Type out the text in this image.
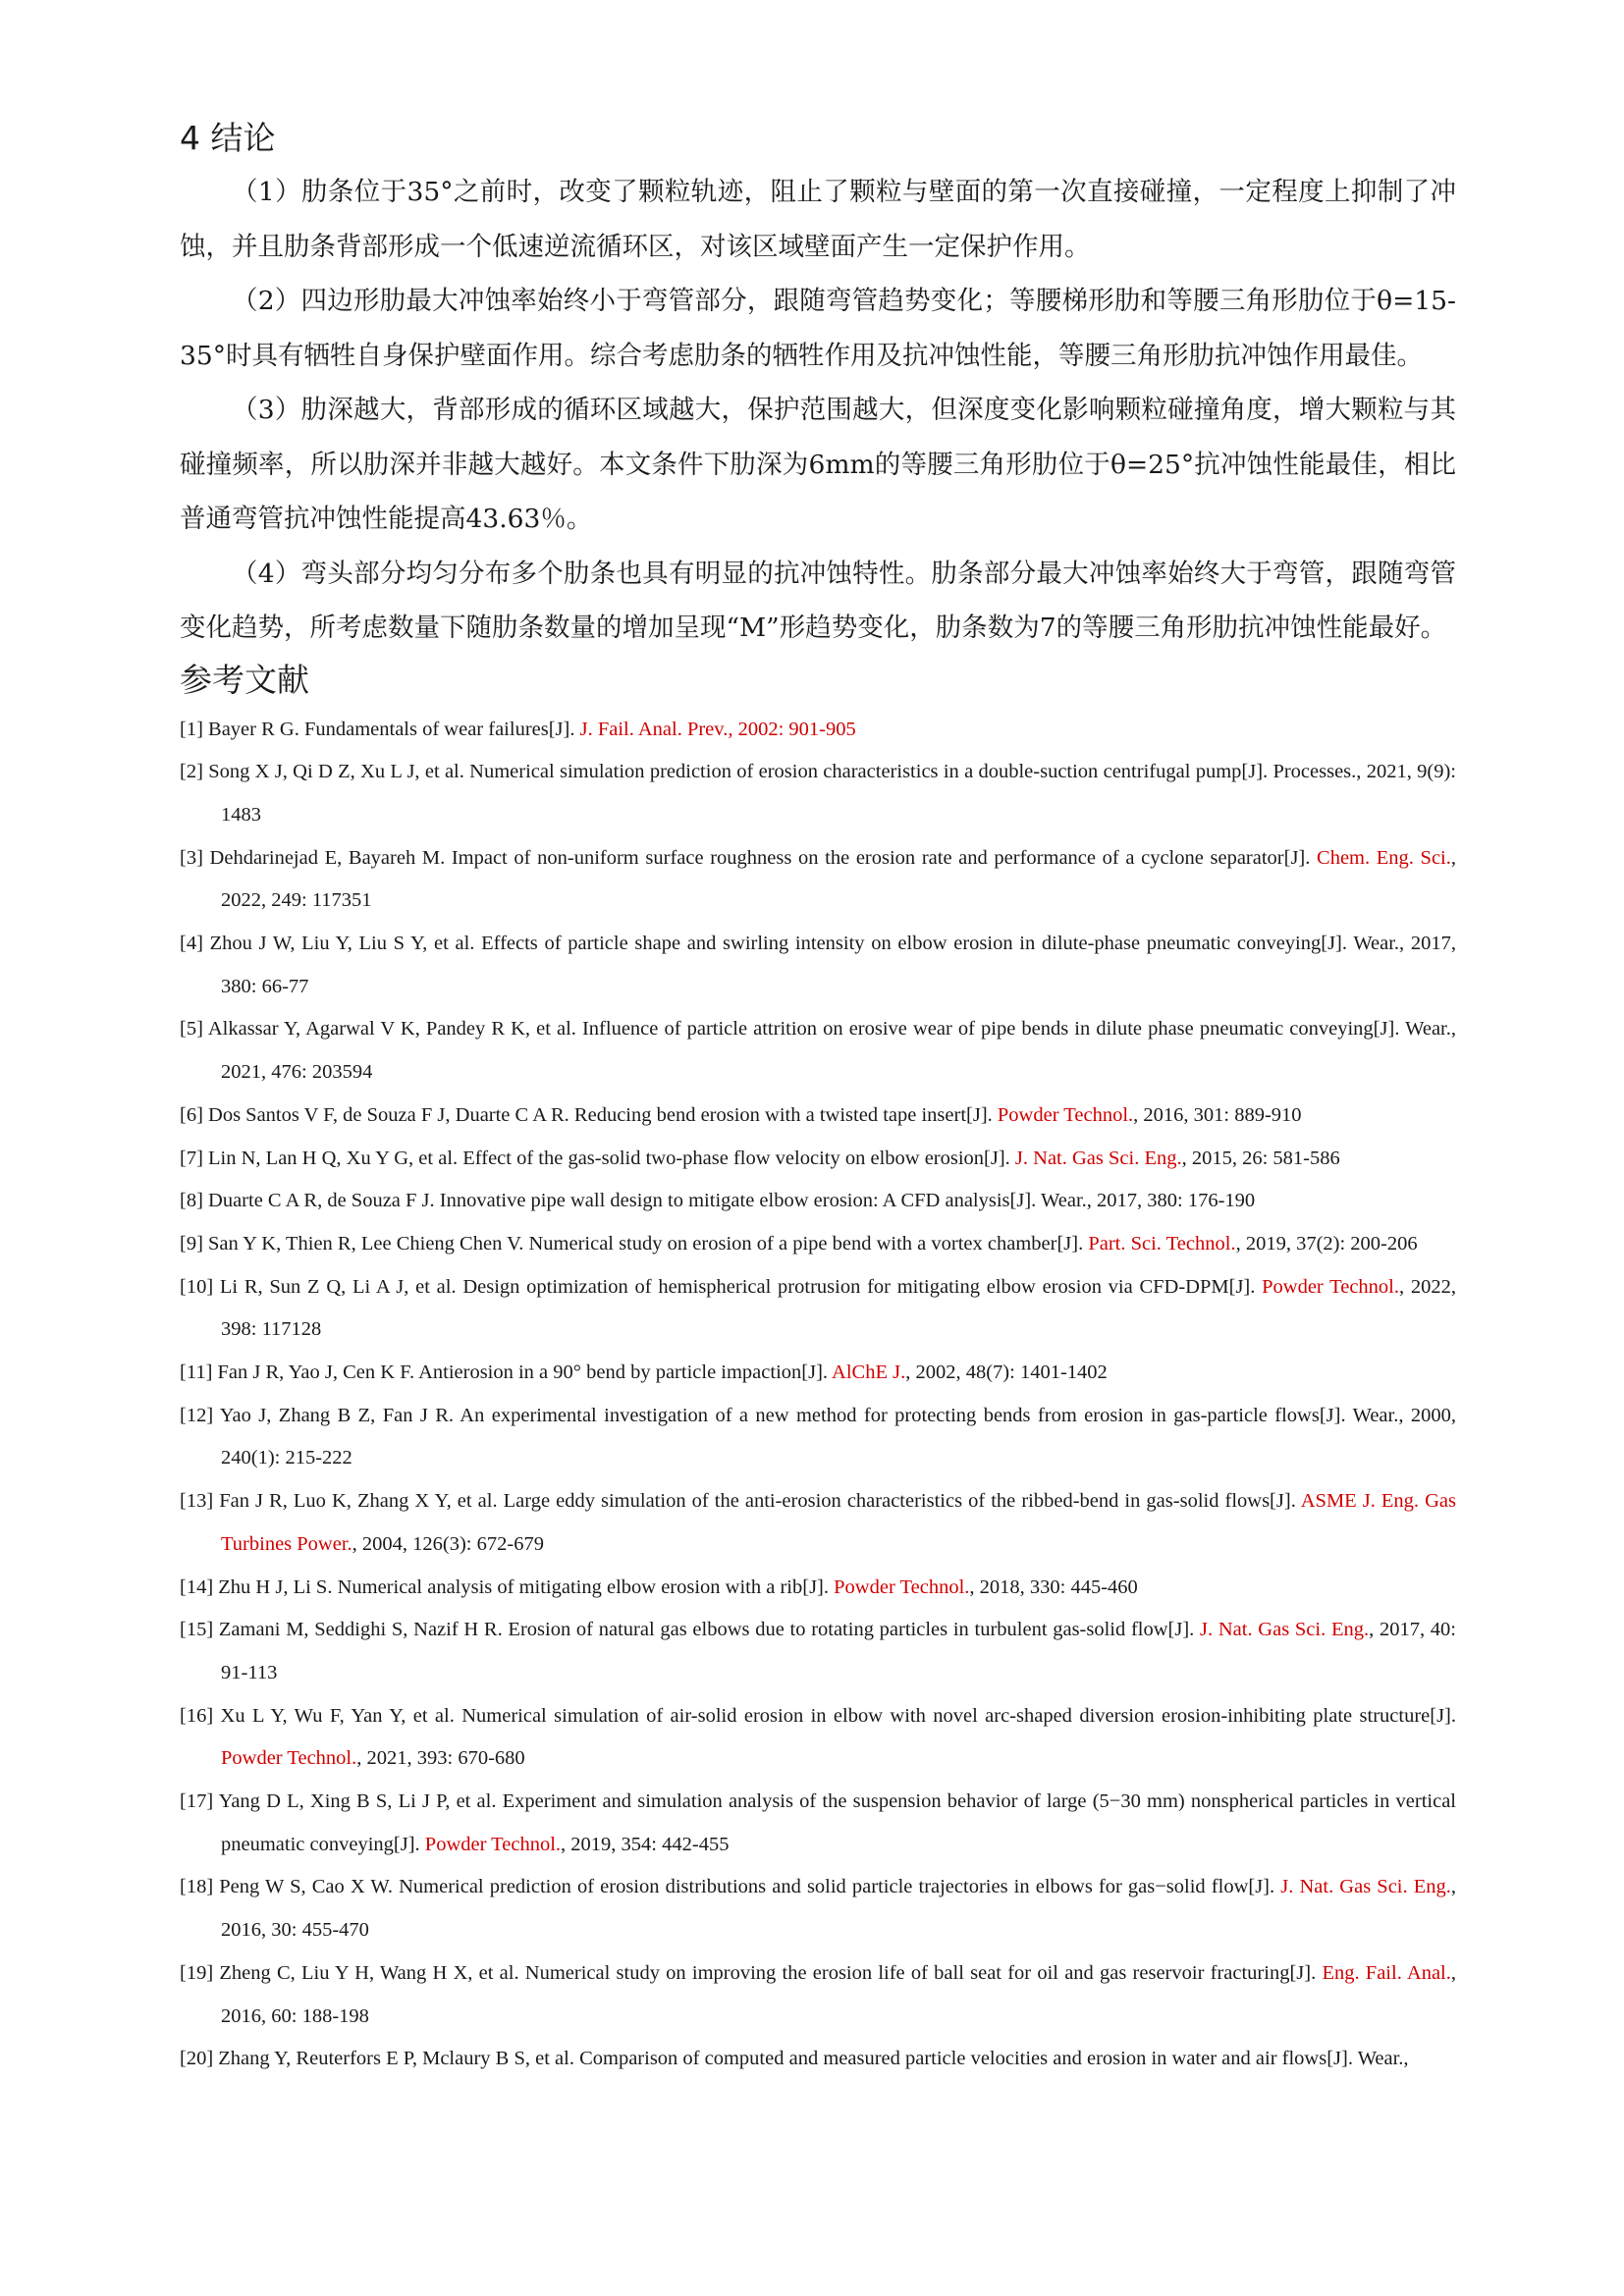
4 结论

（1）肋条位于35°之前时，改变了颗粒轨迹，阻止了颗粒与壁面的第一次直接碰撞，一定程度上抑制了冲蚀，并且肋条背部形成一个低速逆流循环区，对该区域壁面产生一定保护作用。

（2）四边形肋最大冲蚀率始终小于弯管部分，跟随弯管趋势变化；等腰梯形肋和等腰三角形肋位于θ=15-35°时具有牺牲自身保护壁面作用。综合考虑肋条的牺牲作用及抗冲蚀性能，等腰三角形肋抗冲蚀作用最佳。

（3）肋深越大，背部形成的循环区域越大，保护范围越大，但深度变化影响颗粒碰撞角度，增大颗粒与其碰撞频率，所以肋深并非越大越好。本文条件下肋深为6mm的等腰三角形肋位于θ=25°抗冲蚀性能最佳，相比普通弯管抗冲蚀性能提高43.63％。

（4）弯头部分均匀分布多个肋条也具有明显的抗冲蚀特性。肋条部分最大冲蚀率始终大于弯管，跟随弯管变化趋势，所考虑数量下随肋条数量的增加呈现“M”形趋势变化，肋条数为7的等腰三角形肋抗冲蚀性能最好。

参考文献
[1] Bayer R G. Fundamentals of wear failures[J]. J. Fail. Anal. Prev., 2002: 901-905
[2] Song X J, Qi D Z, Xu L J, et al. Numerical simulation prediction of erosion characteristics in a double-suction centrifugal pump[J]. Processes., 2021, 9(9): 1483
[3] Dehdarinejad E, Bayareh M. Impact of non-uniform surface roughness on the erosion rate and performance of a cyclone separator[J]. Chem. Eng. Sci., 2022, 249: 117351
[4] Zhou J W, Liu Y, Liu S Y, et al. Effects of particle shape and swirling intensity on elbow erosion in dilute-phase pneumatic conveying[J]. Wear., 2017, 380: 66-77
[5] Alkassar Y, Agarwal V K, Pandey R K, et al. Influence of particle attrition on erosive wear of pipe bends in dilute phase pneumatic conveying[J]. Wear., 2021, 476: 203594
[6] Dos Santos V F, de Souza F J, Duarte C A R. Reducing bend erosion with a twisted tape insert[J]. Powder Technol., 2016, 301: 889-910
[7] Lin N, Lan H Q, Xu Y G, et al. Effect of the gas-solid two-phase flow velocity on elbow erosion[J]. J. Nat. Gas Sci. Eng., 2015, 26: 581-586
[8] Duarte C A R, de Souza F J. Innovative pipe wall design to mitigate elbow erosion: A CFD analysis[J]. Wear., 2017, 380: 176-190
[9] San Y K, Thien R, Lee Chieng Chen V. Numerical study on erosion of a pipe bend with a vortex chamber[J]. Part. Sci. Technol., 2019, 37(2): 200-206
[10] Li R, Sun Z Q, Li A J, et al. Design optimization of hemispherical protrusion for mitigating elbow erosion via CFD-DPM[J]. Powder Technol., 2022, 398: 117128
[11] Fan J R, Yao J, Cen K F. Antierosion in a 90° bend by particle impaction[J]. AlChE J., 2002, 48(7): 1401-1402
[12] Yao J, Zhang B Z, Fan J R. An experimental investigation of a new method for protecting bends from erosion in gas-particle flows[J]. Wear., 2000, 240(1): 215-222
[13] Fan J R, Luo K, Zhang X Y, et al. Large eddy simulation of the anti-erosion characteristics of the ribbed-bend in gas-solid flows[J]. ASME J. Eng. Gas Turbines Power., 2004, 126(3): 672-679
[14] Zhu H J, Li S. Numerical analysis of mitigating elbow erosion with a rib[J]. Powder Technol., 2018, 330: 445-460
[15] Zamani M, Seddighi S, Nazif H R. Erosion of natural gas elbows due to rotating particles in turbulent gas-solid flow[J]. J. Nat. Gas Sci. Eng., 2017, 40: 91-113
[16] Xu L Y, Wu F, Yan Y, et al. Numerical simulation of air-solid erosion in elbow with novel arc-shaped diversion erosion-inhibiting plate structure[J]. Powder Technol., 2021, 393: 670-680
[17] Yang D L, Xing B S, Li J P, et al. Experiment and simulation analysis of the suspension behavior of large (5−30 mm) nonspherical particles in vertical pneumatic conveying[J]. Powder Technol., 2019, 354: 442-455
[18] Peng W S, Cao X W. Numerical prediction of erosion distributions and solid particle trajectories in elbows for gas−solid flow[J]. J. Nat. Gas Sci. Eng., 2016, 30: 455-470
[19] Zheng C, Liu Y H, Wang H X, et al. Numerical study on improving the erosion life of ball seat for oil and gas reservoir fracturing[J]. Eng. Fail. Anal., 2016, 60: 188-198
[20] Zhang Y, Reuterfors E P, Mclaury B S, et al. Comparison of computed and measured particle velocities and erosion in water and air flows[J]. Wear.,
